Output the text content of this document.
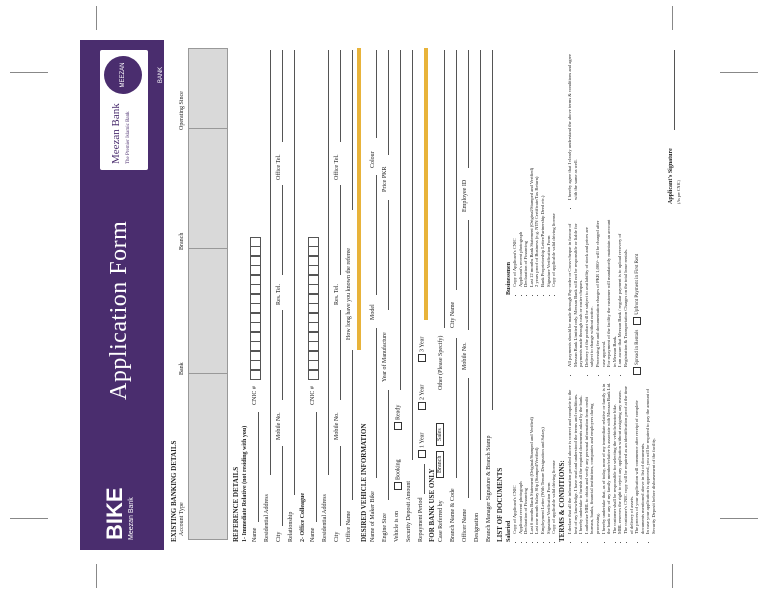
BIKE Meezan Bank
Application Form
Meezan Bank The Premier Islamic Bank
MEEZAN BANK
EXISTING BANKING DETAILS Account Type
Bank
Branch
Operating Since
REFERENCE DETAILS 1- Immediate Relative (not residing with you) Name
CNIC #
Residential Address City
Mobile No.
Res. Tel.
Office Tel.
Relationship 2- Office Colleague Name
CNIC #
Residential Address City
Mobile No.
Res. Tel.
Office Tel.
Office Name
How long have you known the referee
DESIRED VEHICLE INFORMATION Name of Maker Bike
Model
Colour
Engine Size
Year of Manufacture
Price PKR
Vehicle is on
Booking
Ready
Security Deposit Amount Repayment Period
1 Year
2 Year
3 Year
FOR BANK USE ONLY Case Referred by
Branch
Sales
Other (Please Specify)
Branch Name & Code
City Name
Officer Name
Mobile No.
Employee ID
Designation Branch Manager Signature & Branch Stamp LIST OF DOCUMENTS Salaried • Copy of Applicant's CNIC • Applicant recent photograph • Declaration of Financing • Last 6 months Bank Statement (Original/Stamped and Verified) • Last one month Salary Slip (Stamped/Verified) • Employment Letter (With Tenure Designation and Salary) • Signature Verification Form • Copy of applicable valid driving license
Businessmen • Copy of Applicant's CNIC • Applicant's recent photograph • Declaration of Financing • Last 12 months Bank Statement (Original/Stamped and Verified) • 2 years proof of Business (e.g. NTN Certificate/Tax Return) • Bank Proprietorship Letter/Partnership Deed etc.) • Signature Verification Form • Copy of applicable valid driving license
TERMS & CONDITIONS: • I declare that all the information provided above is correct and complete to the best of my knowledge. I have read and understood the terms and conditions. • I hereby undertake to furnish all the required documents asked by the bank. • I authorize MBL to obtain and verify any personal information from credit bureaus, banks, financial institutions, companies and employers during processing. • I hereby undertake that, as of today, none of my immediate relative or family is in the bank or any of my family member/relative is associate with Meezan Bank Ltd. • The customer shall be responsible for selecting the vehicle/motor bike. • MBL reserves the right to reject any application without assigning any reason. • The customer's CNIC copy will be required as an identification proof at the time of delivery of assets. • The process of your application will commence after receipt of complete documents mentioned above in list of documents. • In case your application is approved, you will be required to pay the amount of Security Deposit before disbursement of the facility.
• All payments should be made through Pay-order or Cross-cheque in favour of Meezan Bank Limited only. Meezan Bank will not be responsible or liable for payments made through cash or easier cheques. • Delivery of the product will be subject to availability of stock and prices are subject to change without notice. • Processing fee and documentation charges of PKR 1,000/- will be charged after case approval. • For repayment of the facility the customer will mandatorily maintain an account in Meezan Bank. • I am aware that Meezan Bank / regular payment is to upload recovery of Registration & Transportation Charges on the total lease rentals.	Spread in Rentals    Upfront Payment in First Rent
• I hereby agree that I clearly understand the above terms & conditions and agree with the same as well.	Applicant's Signature (As per CNIC)
